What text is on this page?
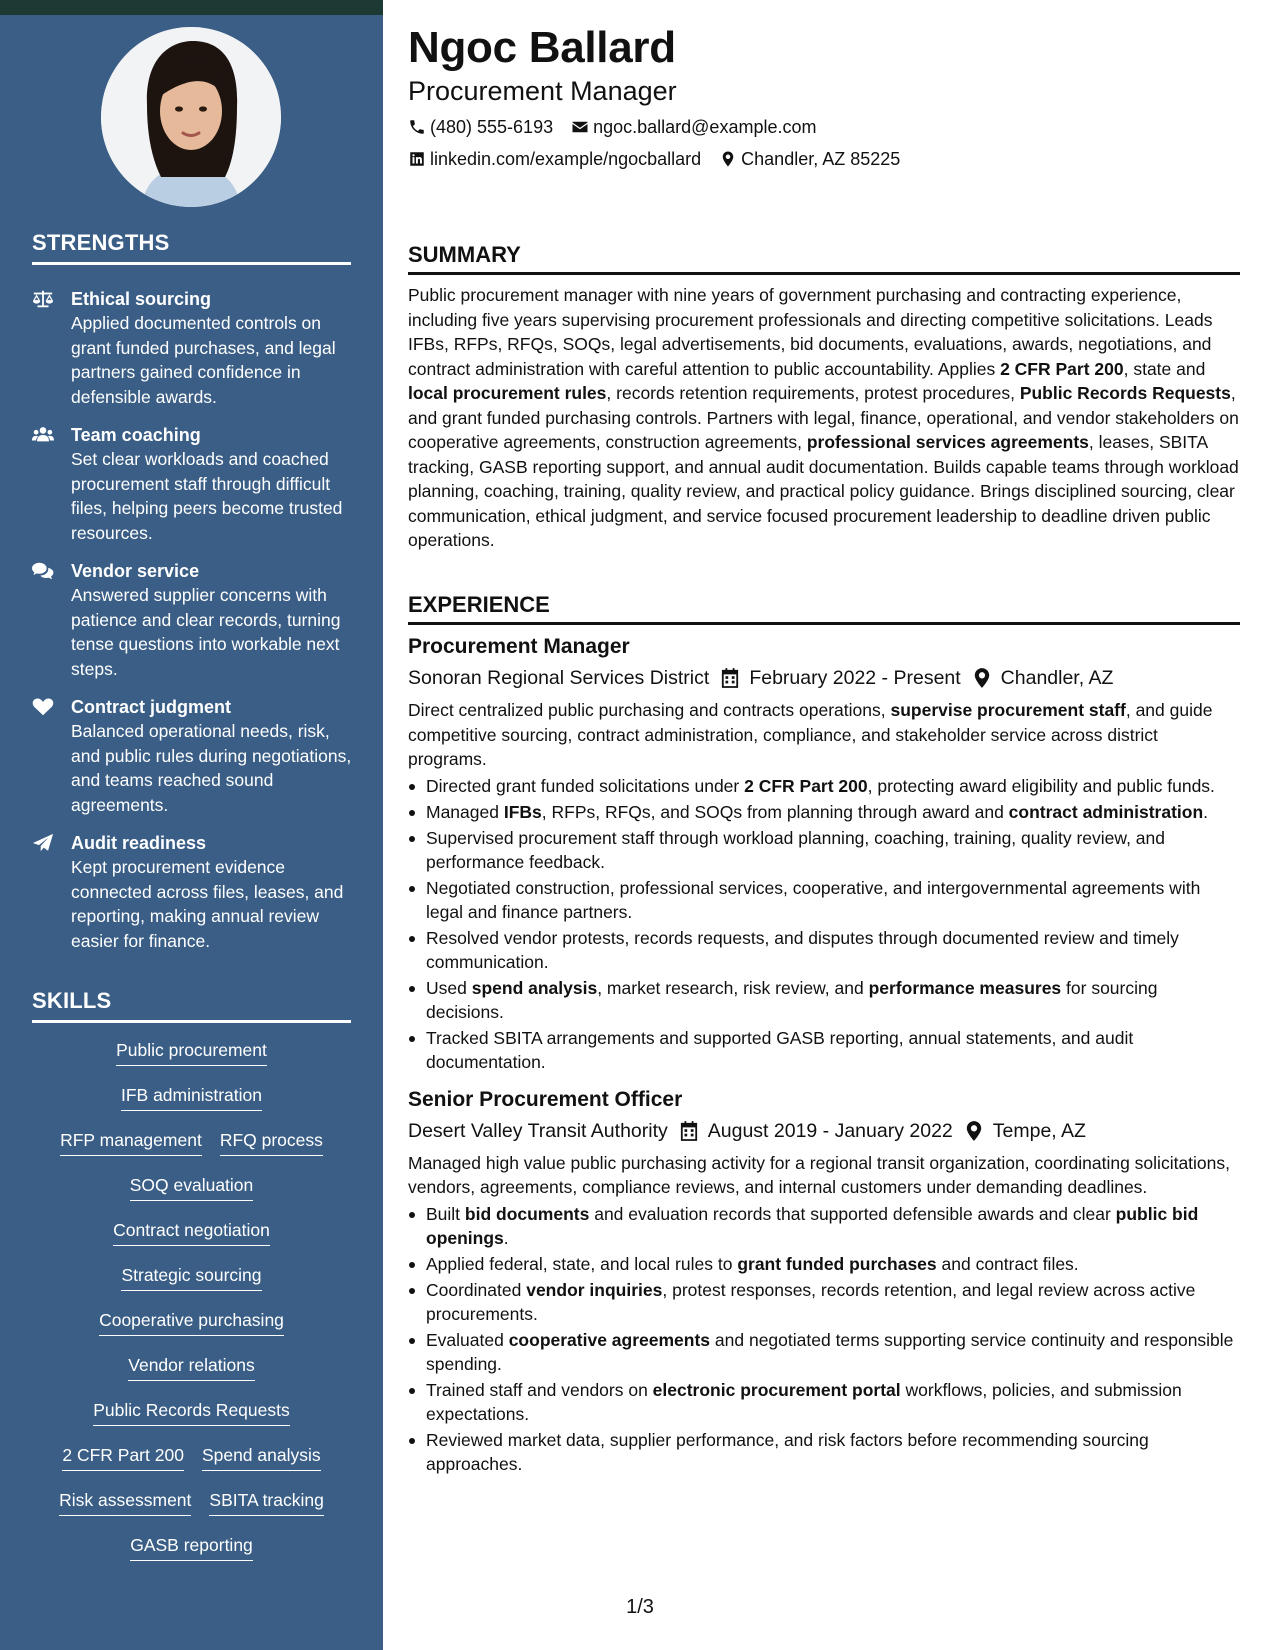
STRENGTHS
Ethical sourcing
Applied documented controls on grant funded purchases, and legal partners gained confidence in defensible awards.
Team coaching
Set clear workloads and coached procurement staff through difficult files, helping peers become trusted resources.
Vendor service
Answered supplier concerns with patience and clear records, turning tense questions into workable next steps.
Contract judgment
Balanced operational needs, risk, and public rules during negotiations, and teams reached sound agreements.
Audit readiness
Kept procurement evidence connected across files, leases, and reporting, making annual review easier for finance.
SKILLS
Public procurement
IFB administration
RFP management RFQ process
SOQ evaluation
Contract negotiation
Strategic sourcing
Cooperative purchasing
Vendor relations
Public Records Requests
2 CFR Part 200 Spend analysis
Risk assessment SBITA tracking
GASB reporting
Ngoc Ballard
Procurement Manager
(480) 555-6193 ngoc.ballard@example.com
linkedin.com/example/ngocballard Chandler, AZ 85225
SUMMARY
Public procurement manager with nine years of government purchasing and contracting experience, including five years supervising procurement professionals and directing competitive solicitations. Leads IFBs, RFPs, RFQs, SOQs, legal advertisements, bid documents, evaluations, awards, negotiations, and contract administration with careful attention to public accountability. Applies 2 CFR Part 200, state and local procurement rules, records retention requirements, protest procedures, Public Records Requests, and grant funded purchasing controls. Partners with legal, finance, operational, and vendor stakeholders on cooperative agreements, construction agreements, professional services agreements, leases, SBITA tracking, GASB reporting support, and annual audit documentation. Builds capable teams through workload planning, coaching, training, quality review, and practical policy guidance. Brings disciplined sourcing, clear communication, ethical judgment, and service focused procurement leadership to deadline driven public operations.
EXPERIENCE
Procurement Manager
Sonoran Regional Services District February 2022 - Present Chandler, AZ
Direct centralized public purchasing and contracts operations, supervise procurement staff, and guide competitive sourcing, contract administration, compliance, and stakeholder service across district programs.
Directed grant funded solicitations under 2 CFR Part 200, protecting award eligibility and public funds.
Managed IFBs, RFPs, RFQs, and SOQs from planning through award and contract administration.
Supervised procurement staff through workload planning, coaching, training, quality review, and performance feedback.
Negotiated construction, professional services, cooperative, and intergovernmental agreements with legal and finance partners.
Resolved vendor protests, records requests, and disputes through documented review and timely communication.
Used spend analysis, market research, risk review, and performance measures for sourcing decisions.
Tracked SBITA arrangements and supported GASB reporting, annual statements, and audit documentation.
Senior Procurement Officer
Desert Valley Transit Authority August 2019 - January 2022 Tempe, AZ
Managed high value public purchasing activity for a regional transit organization, coordinating solicitations, vendors, agreements, compliance reviews, and internal customers under demanding deadlines.
Built bid documents and evaluation records that supported defensible awards and clear public bid openings.
Applied federal, state, and local rules to grant funded purchases and contract files.
Coordinated vendor inquiries, protest responses, records retention, and legal review across active procurements.
Evaluated cooperative agreements and negotiated terms supporting service continuity and responsible spending.
Trained staff and vendors on electronic procurement portal workflows, policies, and submission expectations.
Reviewed market data, supplier performance, and risk factors before recommending sourcing approaches.
1/3
